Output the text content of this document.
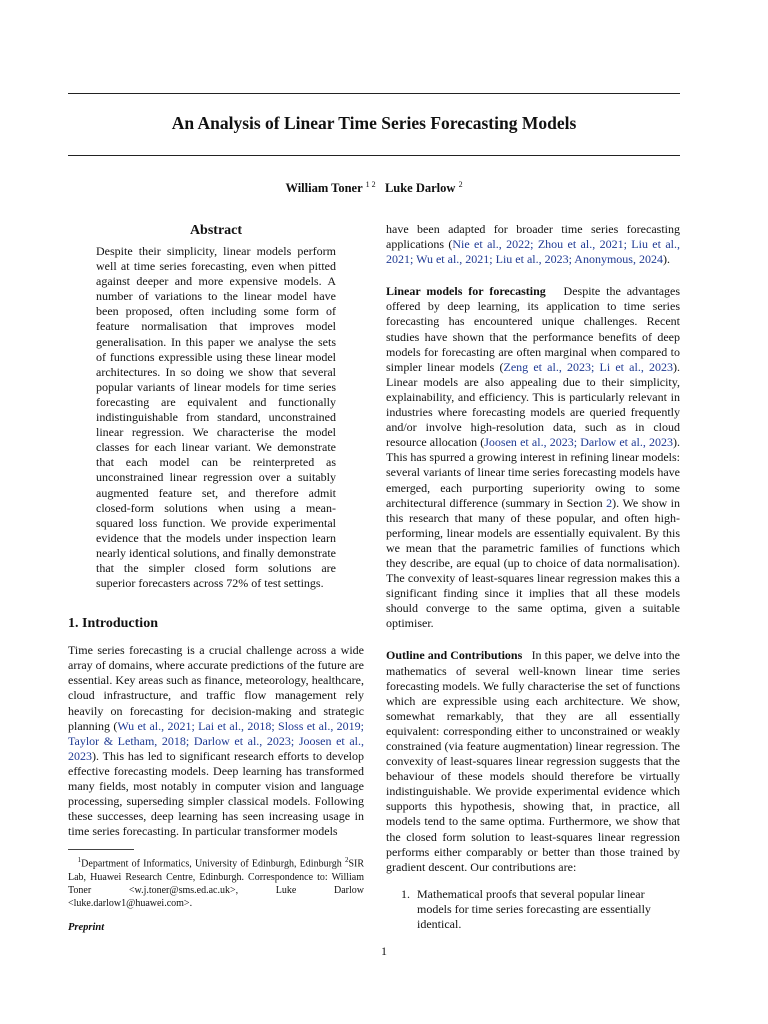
An Analysis of Linear Time Series Forecasting Models
William Toner $^{1 2}$ Luke Darlow $^2$
Abstract

Despite their simplicity, linear models perform well at time series forecasting, even when pitted against deeper and more expensive models. A number of variations to the linear model have been proposed, often including some form of feature normalisation that improves model generalisation. In this paper we analyse the sets of functions expressible using these linear model architectures. In so doing we show that several popular variants of linear models for time series forecasting are equivalent and functionally indistinguishable from standard, unconstrained linear regression. We characterise the model classes for each linear variant. We demonstrate that each model can be reinterpreted as unconstrained linear regression over a suitably augmented feature set, and therefore admit closed-form solutions when using a mean-squared loss function. We provide experimental evidence that the models under inspection learn nearly identical solutions, and finally demonstrate that the simpler closed form solutions are superior forecasters across 72% of test settings.

1. Introduction

Time series forecasting is a crucial challenge across a wide array of domains, where accurate predictions of the future are essential. Key areas such as finance, meteorology, healthcare, cloud infrastructure, and traffic flow management rely heavily on forecasting for decision-making and strategic planning (Wu et al., 2021; Lai et al., 2018; Sloss et al., 2019; Taylor & Letham, 2018; Darlow et al., 2023; Joosen et al., 2023). This has led to significant research efforts to develop effective forecasting models. Deep learning has transformed many fields, most notably in computer vision and language processing, superseding simpler classical models. Following these successes, deep learning has seen increasing usage in time series forecasting. In particular transformer models

$^1$Department of Informatics, University of Edinburgh, Edinburgh $^2$SIR Lab, Huawei Research Centre, Edinburgh. Correspondence to: William Toner <w.j.toner@sms.ed.ac.uk>, Luke Darlow <luke.darlow1@huawei.com>.

Preprint

have been adapted for broader time series forecasting applications (Nie et al., 2022; Zhou et al., 2021; Liu et al., 2021; Wu et al., 2021; Liu et al., 2023; Anonymous, 2024).

Linear models for forecasting Despite the advantages offered by deep learning, its application to time series forecasting has encountered unique challenges. Recent studies have shown that the performance benefits of deep models for forecasting are often marginal when compared to simpler linear models (Zeng et al., 2023; Li et al., 2023). Linear models are also appealing due to their simplicity, explainability, and efficiency. This is particularly relevant in industries where forecasting models are queried frequently and/or involve high-resolution data, such as in cloud resource allocation (Joosen et al., 2023; Darlow et al., 2023). This has spurred a growing interest in refining linear models: several variants of linear time series forecasting models have emerged, each purporting superiority owing to some architectural difference (summary in Section 2). We show in this research that many of these popular, and often high-performing, linear models are essentially equivalent. By this we mean that the parametric families of functions which they describe, are equal (up to choice of data normalisation). The convexity of least-squares linear regression makes this a significant finding since it implies that all these models should converge to the same optima, given a suitable optimiser.

Outline and Contributions In this paper, we delve into the mathematics of several well-known linear time series forecasting models. We fully characterise the set of functions which are expressible using each architecture. We show, somewhat remarkably, that they are all essentially equivalent: corresponding either to unconstrained or weakly constrained (via feature augmentation) linear regression. The convexity of least-squares linear regression suggests that the behaviour of these models should therefore be virtually indistinguishable. We provide experimental evidence which supports this hypothesis, showing that, in practice, all models tend to the same optima. Furthermore, we show that the closed form solution to least-squares linear regression performs either comparably or better than those trained by gradient descent. Our contributions are:

1. Mathematical proofs that several popular linear models for time series forecasting are essentially identical.
1
